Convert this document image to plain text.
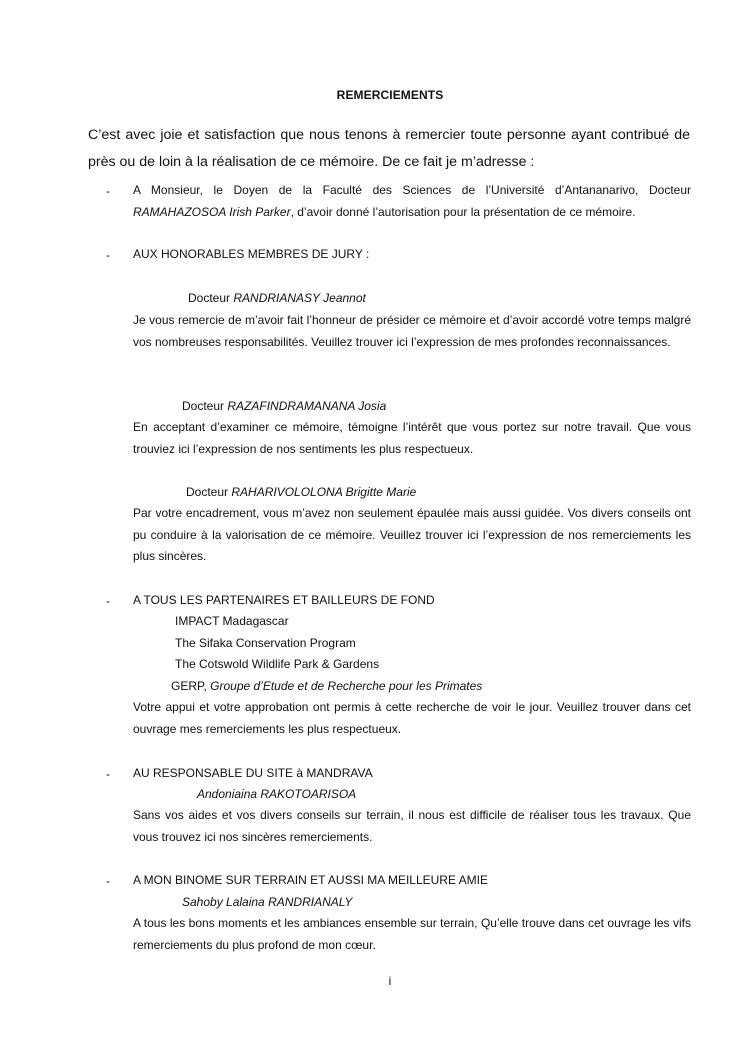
REMERCIEMENTS
C’est avec joie et satisfaction que nous tenons à remercier toute personne ayant contribué de près ou de loin à la réalisation de ce mémoire. De ce fait je m’adresse :
- A Monsieur, le Doyen de la Faculté des Sciences de l’Université d’Antananarivo, Docteur RAMAHAZOSOA Irish Parker, d’avoir donné l’autorisation pour la présentation de ce mémoire.
- AUX HONORABLES MEMBRES DE JURY :
Docteur RANDRIANASY Jeannot
Je vous remercie de m’avoir fait l’honneur de présider ce mémoire et d’avoir accordé votre temps malgré vos nombreuses responsabilités. Veuillez trouver ici l’expression de mes profondes reconnaissances.
Docteur RAZAFINDRAMANANA Josia
En acceptant d’examiner ce mémoire, témoigne l’intérêt que vous portez sur notre travail. Que vous trouviez ici l’expression de nos sentiments les plus respectueux.
Docteur RAHARIVOLOLONA Brigitte Marie
Par votre encadrement, vous m’avez non seulement épaulée mais aussi guidée. Vos divers conseils ont pu conduire à la valorisation de ce mémoire. Veuillez trouver ici l’expression de nos remerciements les plus sincères.
- A TOUS LES PARTENAIRES ET BAILLEURS DE FOND
IMPACT Madagascar
The Sifaka Conservation Program
The Cotswold Wildlife Park & Gardens
GERP, Groupe d’Etude et de Recherche pour les Primates
Votre appui et votre approbation ont permis à cette recherche de voir le jour. Veuillez trouver dans cet ouvrage mes remerciements les plus respectueux.
- AU RESPONSABLE DU SITE à MANDRAVA
Andoniaina RAKOTOARISOA
Sans vos aides et vos divers conseils sur terrain, il nous est difficile de réaliser tous les travaux. Que vous trouvez ici nos sincères remerciements.
- A MON BINOME SUR TERRAIN ET AUSSI MA MEILLEURE AMIE
Sahoby Lalaina RANDRIANALY
A tous les bons moments et les ambiances ensemble sur terrain, Qu’elle trouve dans cet ouvrage les vifs remerciements du plus profond de mon cœur.
i
